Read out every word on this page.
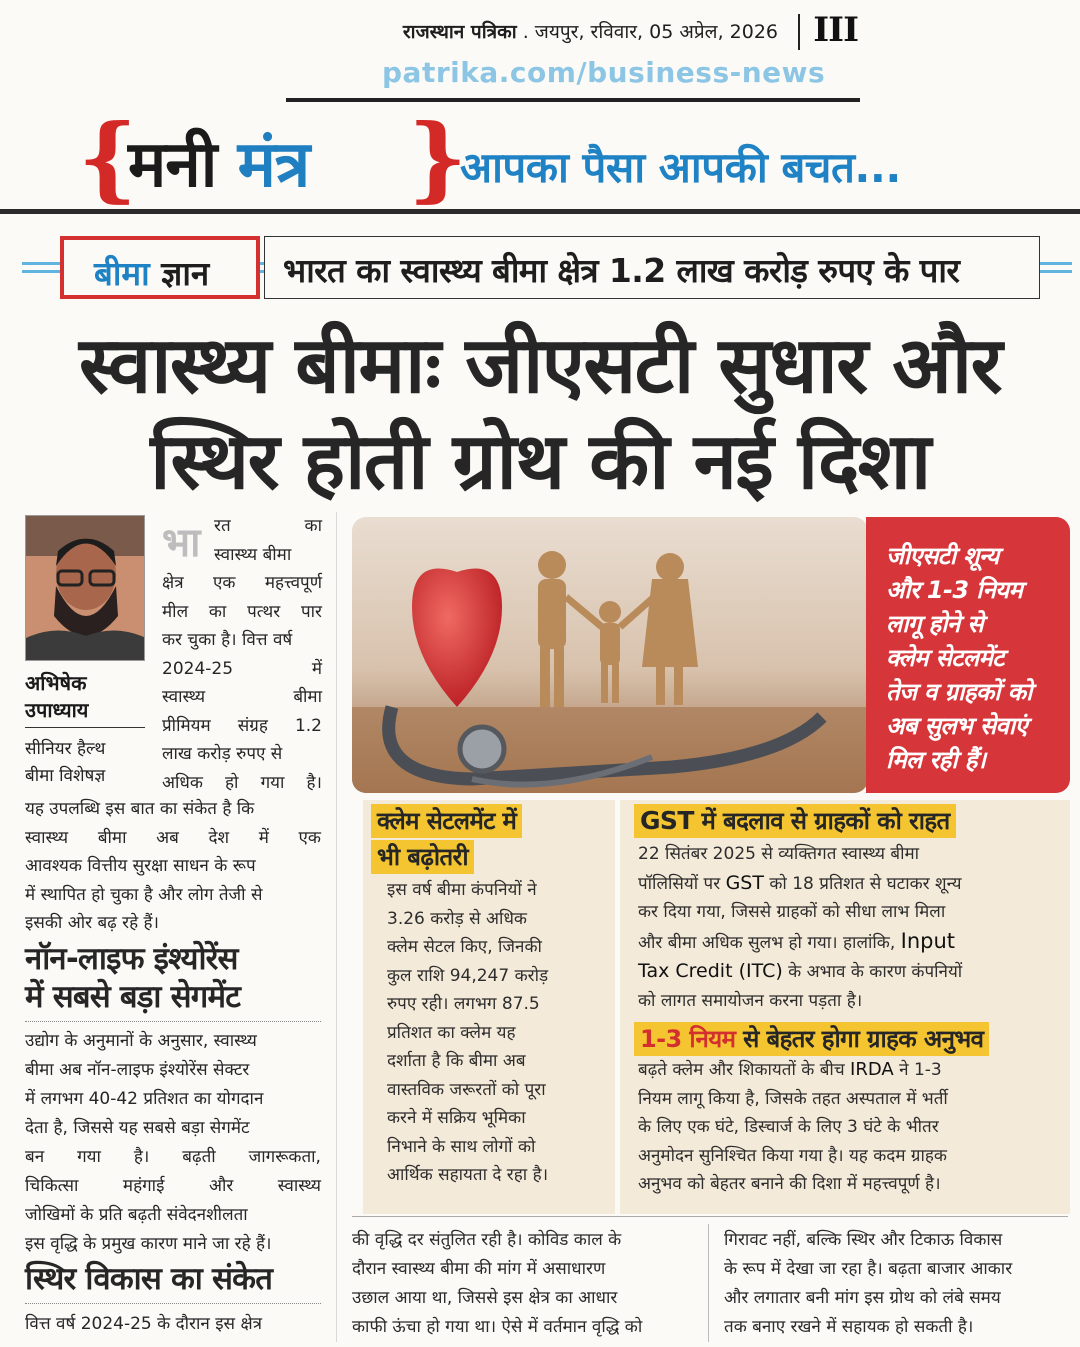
राजस्थान पत्रिका . जयपुर, रविवार, 05 अप्रेल, 2026 III
patrika.com/business-news
{
मनी मंत्र }
आपका पैसा आपकी बचत...
भारत का स्वास्थ्य बीमा क्षेत्र 1.2 लाख करोड़ रुपए के पार
बीमा ज्ञान
स्वास्थ्य बीमाः जीएसटी सुधार और
स्थिर होती ग्रोथ की नई दिशा
अभिषेक
उपाध्याय
सीनियर हैल्थ
बीमा विशेषज्ञ
भा रत	का
स्वास्थ्य बीमा
क्षेत्र एक महत्त्वपूर्ण
मील का पत्थर पार
कर चुका है। वित्त वर्ष
2024-25	में
स्वास्थ्य	बीमा
प्रीमियम संग्रह 1.2
लाख करोड़ रुपए से
अधिक हो गया है।
यह उपलब्धि इस बात का संकेत है कि
स्वास्थ्य बीमा अब देश में एक
आवश्यक वित्तीय सुरक्षा साधन के रूप
में स्थापित हो चुका है और लोग तेजी से
इसकी ओर बढ़ रहे हैं।
नॉन-लाइफ इंश्योरेंस
में सबसे बड़ा सेगमेंट
उद्योग के अनुमानों के अनुसार, स्वास्थ्य
बीमा अब नॉन-लाइफ इंश्योरेंस सेक्टर
में लगभग 40-42 प्रतिशत का योगदान
देता है, जिससे यह सबसे बड़ा सेगमेंट
बन गया है। बढ़ती जागरूकता,
चिकित्सा	महंगाई	और	स्वास्थ्य
जोखिमों के प्रति बढ़ती संवेदनशीलता
इस वृद्धि के प्रमुख कारण माने जा रहे हैं।
स्थिर विकास का संकेत
वित्त वर्ष 2024-25 के दौरान इस क्षेत्र
जीएसटी शून्य
और 1-3 नियम
लागू होने से
क्लेम सेटलमेंट
तेज व ग्राहकों को
अब सुलभ सेवाएं
मिल रही हैं।
क्लेम सेटलमेंट में
भी बढ़ोतरी
इस वर्ष बीमा कंपनियों ने
3.26 करोड़ से अधिक
क्लेम सेटल किए, जिनकी
कुल राशि 94,247 करोड़
रुपए रही। लगभग 87.5
प्रतिशत का क्लेम यह
दर्शाता है कि बीमा अब
वास्तविक जरूरतों को पूरा
करने में सक्रिय भूमिका
निभाने के साथ लोगों को
आर्थिक सहायता दे रहा है।
GST में बदलाव से ग्राहकों को राहत
22 सितंबर 2025 से व्यक्तिगत स्वास्थ्य बीमा
पॉलिसियों पर GST को 18 प्रतिशत से घटाकर शून्य
कर दिया गया, जिससे ग्राहकों को सीधा लाभ मिला
और बीमा अधिक सुलभ हो गया। हालांकि, Input
Tax Credit (ITC) के अभाव के कारण कंपनियों
को लागत समायोजन करना पड़ता है।
1-3 नियम से बेहतर होगा ग्राहक अनुभव
बढ़ते क्लेम और शिकायतों के बीच IRDA ने 1-3
नियम लागू किया है, जिसके तहत अस्पताल में भर्ती
के लिए एक घंटे, डिस्चार्ज के लिए 3 घंटे के भीतर
अनुमोदन सुनिश्चित किया गया है। यह कदम ग्राहक
अनुभव को बेहतर बनाने की दिशा में महत्त्वपूर्ण है।
की वृद्धि दर संतुलित रही है। कोविड काल के
दौरान स्वास्थ्य बीमा की मांग में असाधारण
उछाल आया था, जिससे इस क्षेत्र का आधार
काफी ऊंचा हो गया था। ऐसे में वर्तमान वृद्धि को
गिरावट नहीं, बल्कि स्थिर और टिकाऊ विकास
के रूप में देखा जा रहा है। बढ़ता बाजार आकार
और लगातार बनी मांग इस ग्रोथ को लंबे समय
तक बनाए रखने में सहायक हो सकती है।
